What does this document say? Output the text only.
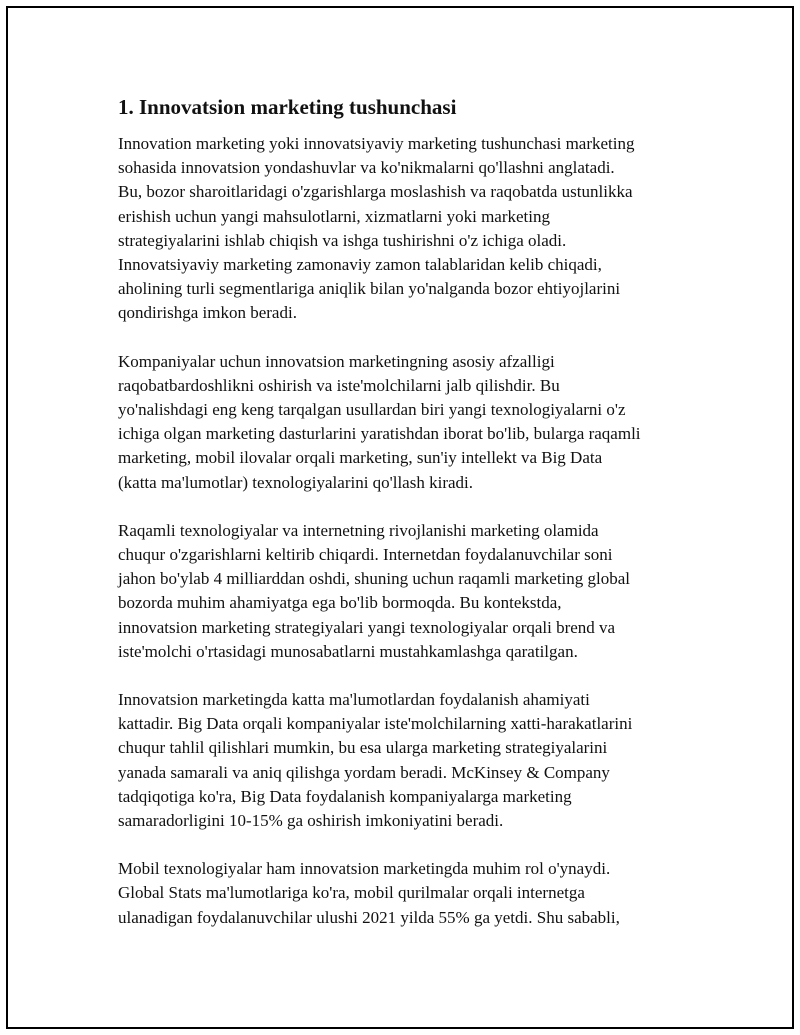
1. Innovatsion marketing tushunchasi

Innovation marketing yoki innovatsiyaviy marketing tushunchasi marketing
sohasida innovatsion yondashuvlar va ko'nikmalarni qo'llashni anglatadi.
Bu, bozor sharoitlaridagi o'zgarishlarga moslashish va raqobatda ustunlikka
erishish uchun yangi mahsulotlarni, xizmatlarni yoki marketing
strategiyalarini ishlab chiqish va ishga tushirishni o'z ichiga oladi.
Innovatsiyaviy marketing zamonaviy zamon talablaridan kelib chiqadi,
aholining turli segmentlariga aniqlik bilan yo'nalganda bozor ehtiyojlarini
qondirishga imkon beradi.

Kompaniyalar uchun innovatsion marketingning asosiy afzalligi
raqobatbardoshlikni oshirish va iste'molchilarni jalb qilishdir. Bu
yo'nalishdagi eng keng tarqalgan usullardan biri yangi texnologiyalarni o'z
ichiga olgan marketing dasturlarini yaratishdan iborat bo'lib, bularga raqamli
marketing, mobil ilovalar orqali marketing, sun'iy intellekt va Big Data
(katta ma'lumotlar) texnologiyalarini qo'llash kiradi.

Raqamli texnologiyalar va internetning rivojlanishi marketing olamida
chuqur o'zgarishlarni keltirib chiqardi. Internetdan foydalanuvchilar soni
jahon bo'ylab 4 milliarddan oshdi, shuning uchun raqamli marketing global
bozorda muhim ahamiyatga ega bo'lib bormoqda. Bu kontekstda,
innovatsion marketing strategiyalari yangi texnologiyalar orqali brend va
iste'molchi o'rtasidagi munosabatlarni mustahkamlashga qaratilgan.

Innovatsion marketingda katta ma'lumotlardan foydalanish ahamiyati
kattadir. Big Data orqali kompaniyalar iste'molchilarning xatti-harakatlarini
chuqur tahlil qilishlari mumkin, bu esa ularga marketing strategiyalarini
yanada samarali va aniq qilishga yordam beradi. McKinsey & Company
tadqiqotiga ko'ra, Big Data foydalanish kompaniyalarga marketing
samaradorligini 10-15% ga oshirish imkoniyatini beradi.

Mobil texnologiyalar ham innovatsion marketingda muhim rol o'ynaydi.
Global Stats ma'lumotlariga ko'ra, mobil qurilmalar orqali internetga
ulanadigan foydalanuvchilar ulushi 2021 yilda 55% ga yetdi. Shu sababli,
